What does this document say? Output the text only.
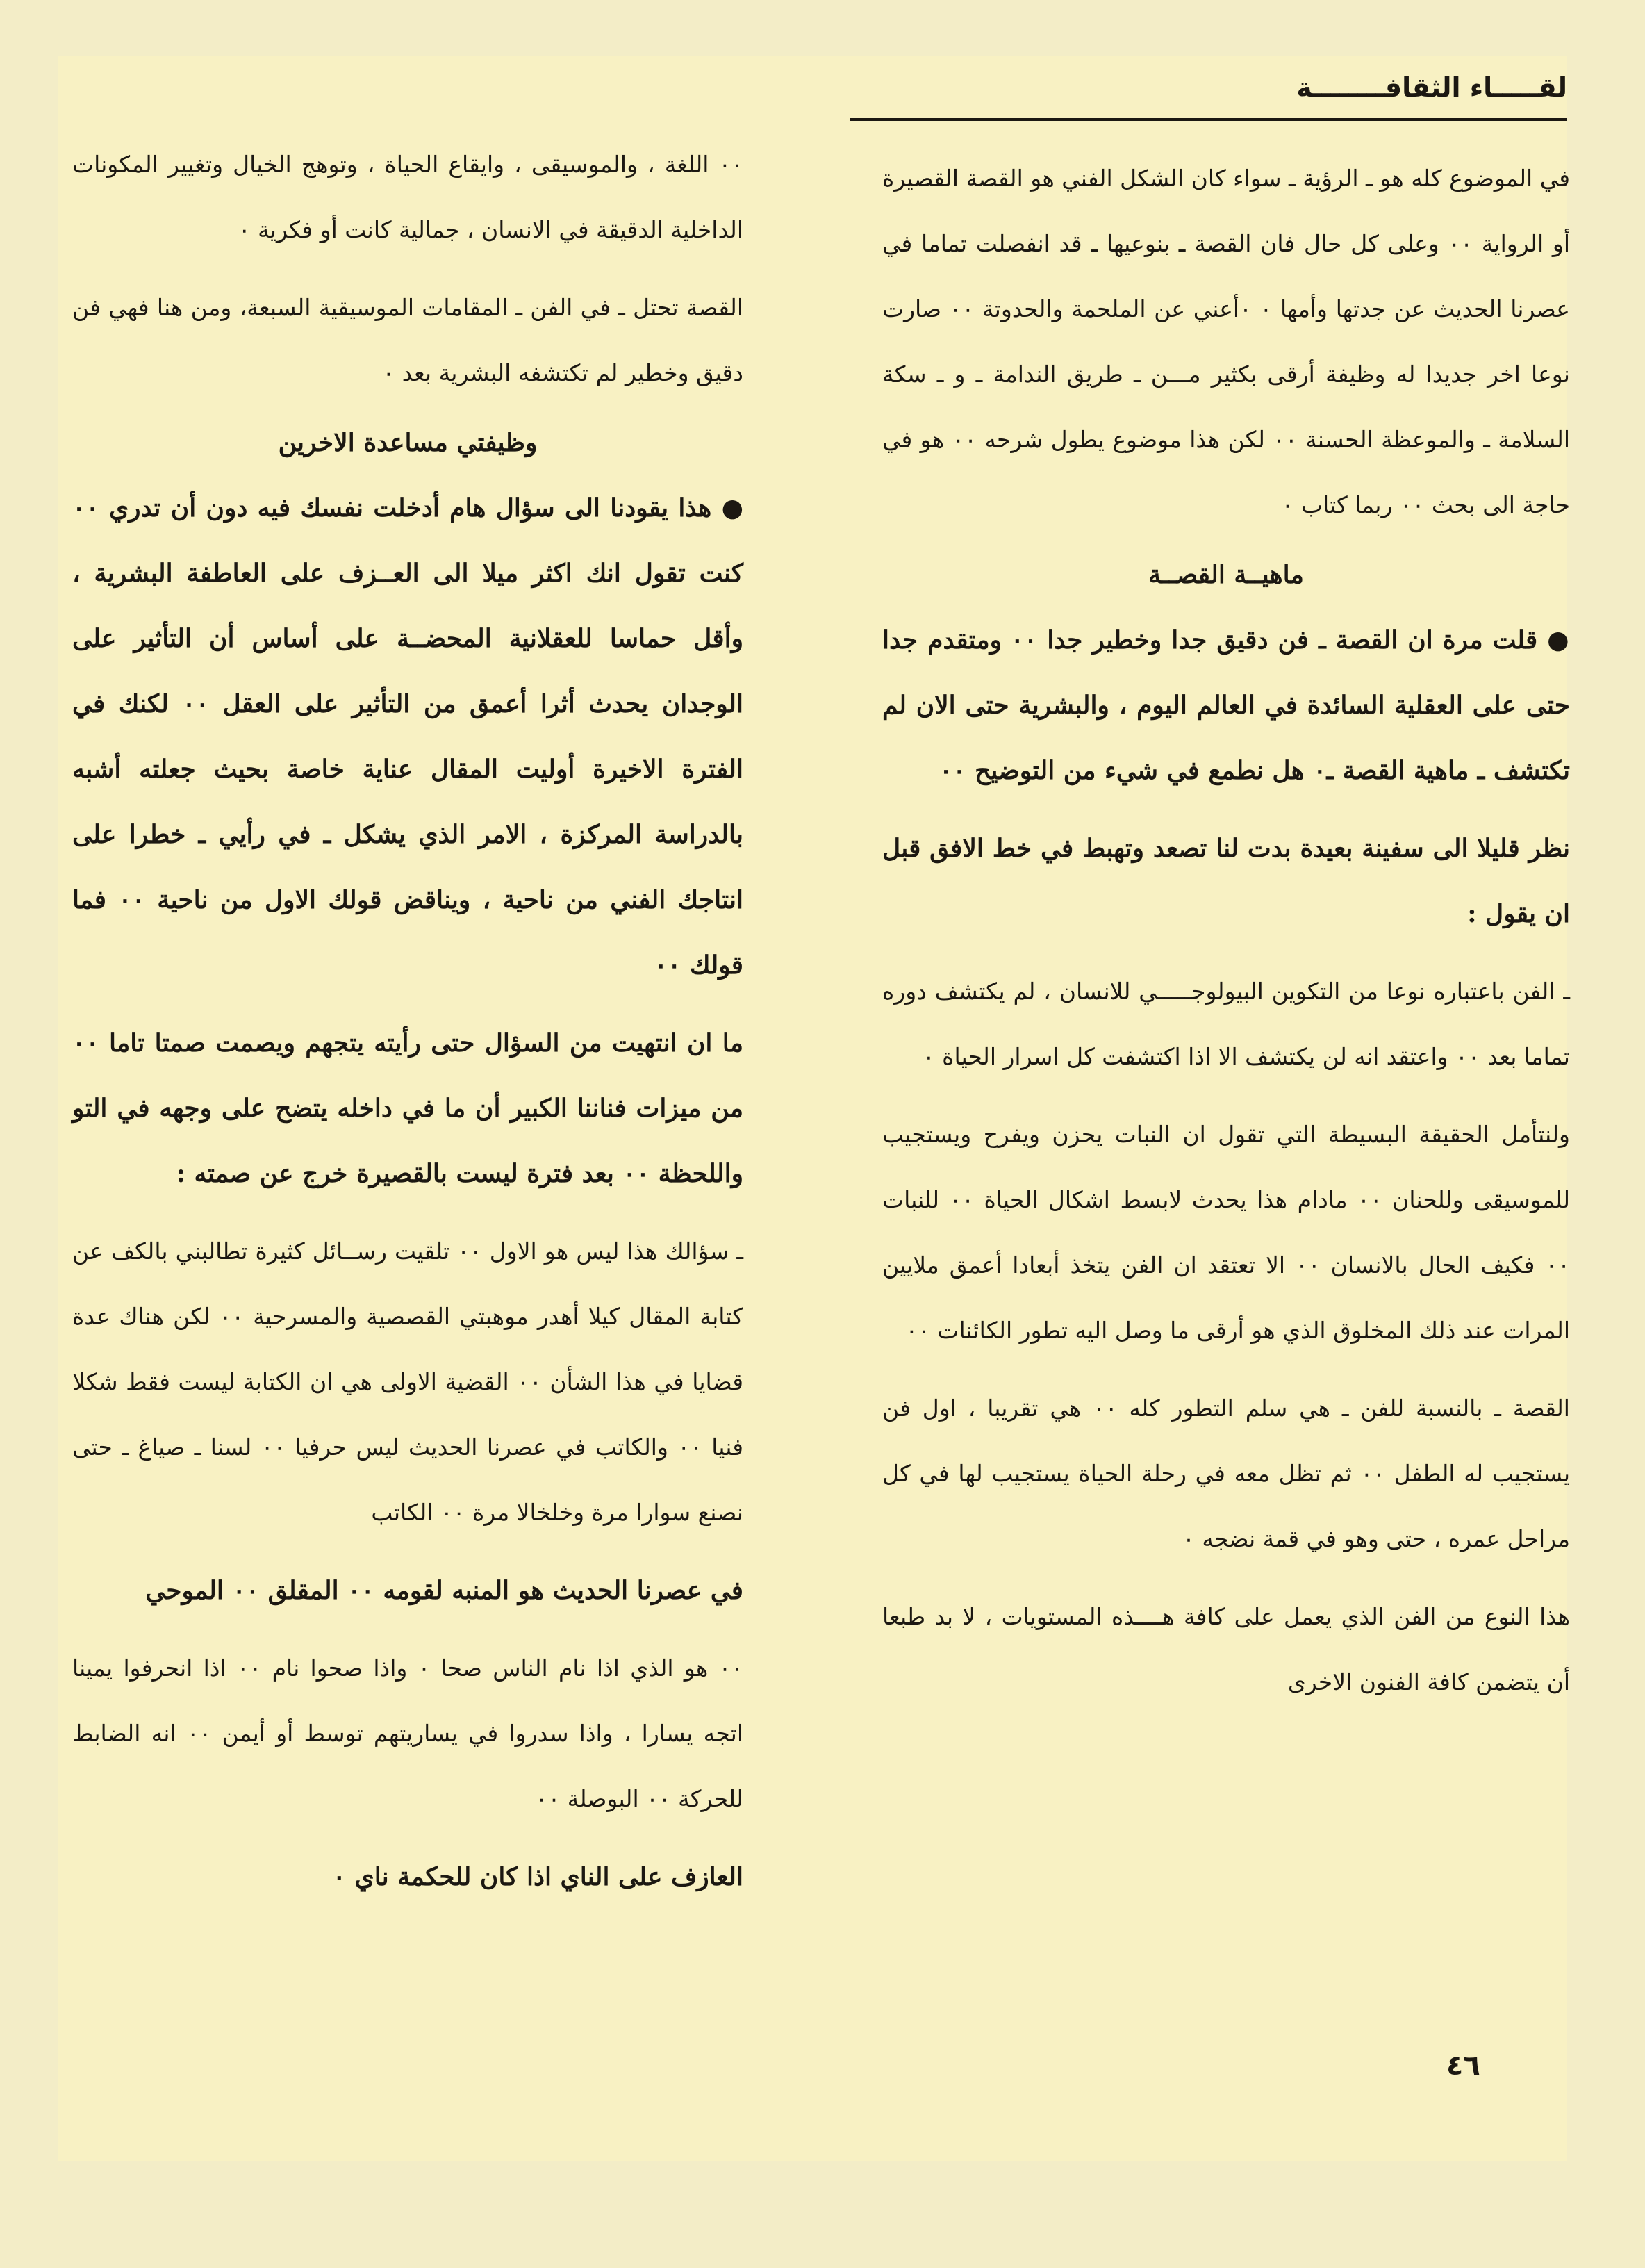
لقـــــاء الثقافــــــــة

في الموضوع كله هو ـ الرؤية ـ سواء كان الشكل الفني هو القصة القصيرة أو الرواية ٠٠ وعلى كل حال فان القصة ـ بنوعيها ـ قد انفصلت تماما في عصرنا الحديث عن جدتها وأمها ٠ ٠أعني عن الملحمة والحدوتة ٠٠ صارت نوعا اخر جديدا له وظيفة أرقى بكثير مـــن ـ طريق الندامة ـ و ـ سكة السلامة ـ والموعظة الحسنة ٠٠ لكن هذا موضوع يطول شرحه ٠٠ هو في حاجة الى بحث ٠٠ ربما كتاب ٠

ماهيــة القصــة

● قلت مرة ان القصة ـ فن دقيق جدا وخطير جدا ٠٠ ومتقدم جدا حتى على العقلية السائدة في العالم اليوم ، والبشرية حتى الان لم تكتشف ـ ماهية القصة ـ٠ هل نطمع في شيء من التوضيح ٠٠

نظر قليلا الى سفينة بعيدة بدت لنا تصعد وتهبط في خط الافق قبل ان يقول :

ـ الفن باعتباره نوعا من التكوين البيولوجـــــي للانسان ، لم يكتشف دوره تماما بعد ٠٠ واعتقد انه لن يكتشف الا اذا اكتشفت كل اسرار الحياة ٠

ولنتأمل الحقيقة البسيطة التي تقول ان النبات يحزن ويفرح ويستجيب للموسيقى وللحنان ٠٠ مادام هذا يحدث لابسط اشكال الحياة ٠٠ للنبات ٠٠ فكيف الحال بالانسان ٠٠ الا تعتقد ان الفن يتخذ أبعادا أعمق ملايين المرات عند ذلك المخلوق الذي هو أرقى ما وصل اليه تطور الكائنات ٠٠

القصة ـ بالنسبة للفن ـ هي سلم التطور كله ٠٠ هي تقريبا ، اول فن يستجيب له الطفل ٠٠ ثم تظل معه في رحلة الحياة يستجيب لها في كل مراحل عمره ، حتى وهو في قمة نضجه ٠

هذا النوع من الفن الذي يعمل على كافة هــــذه المستويات ، لا بد طبعا أن يتضمن كافة الفنون الاخرى

٠٠ اللغة ، والموسيقى ، وايقاع الحياة ، وتوهج الخيال وتغيير المكونات الداخلية الدقيقة في الانسان ، جمالية كانت أو فكرية ٠

القصة تحتل ـ في الفن ـ المقامات الموسيقية السبعة، ومن هنا فهي فن دقيق وخطير لم تكتشفه البشرية بعد ٠

وظيفتي مساعدة الاخرين

● هذا يقودنا الى سؤال هام أدخلت نفسك فيه دون أن تدري ٠٠ كنت تقول انك اكثر ميلا الى العــزف على العاطفة البشرية ، وأقل حماسا للعقلانية المحضــة على أساس أن التأثير على الوجدان يحدث أثرا أعمق من التأثير على العقل ٠٠ لكنك في الفترة الاخيرة أوليت المقال عناية خاصة بحيث جعلته أشبه بالدراسة المركزة ، الامر الذي يشكل ـ في رأيي ـ خطرا على انتاجك الفني من ناحية ، ويناقض قولك الاول من ناحية ٠٠ فما قولك ٠٠

ما ان انتهيت من السؤال حتى رأيته يتجهم ويصمت صمتا تاما ٠٠ من ميزات فناننا الكبير أن ما في داخله يتضح على وجهه في التو واللحظة ٠٠ بعد فترة ليست بالقصيرة خرج عن صمته :

ـ سؤالك هذا ليس هو الاول ٠٠ تلقيت رســائل كثيرة تطالبني بالكف عن كتابة المقال كيلا أهدر موهبتي القصصية والمسرحية ٠٠ لكن هناك عدة قضايا في هذا الشأن ٠٠ القضية الاولى هي ان الكتابة ليست فقط شكلا فنيا ٠٠ والكاتب في عصرنا الحديث ليس حرفيا ٠٠ لسنا ـ صياغ ـ حتى نصنع سوارا مرة وخلخالا مرة ٠٠ الكاتب

في عصرنا الحديث هو المنبه لقومه ٠٠ المقلق ٠٠ الموحي

٠٠ هو الذي اذا نام الناس صحا ٠ واذا صحوا نام ٠٠ اذا انحرفوا يمينا اتجه يسارا ، واذا سدروا في يساريتهم توسط أو أيمن ٠٠ انه الضابط للحركة ٠٠ البوصلة ٠٠

العازف على الناي اذا كان للحكمة ناي ٠

٤٦
